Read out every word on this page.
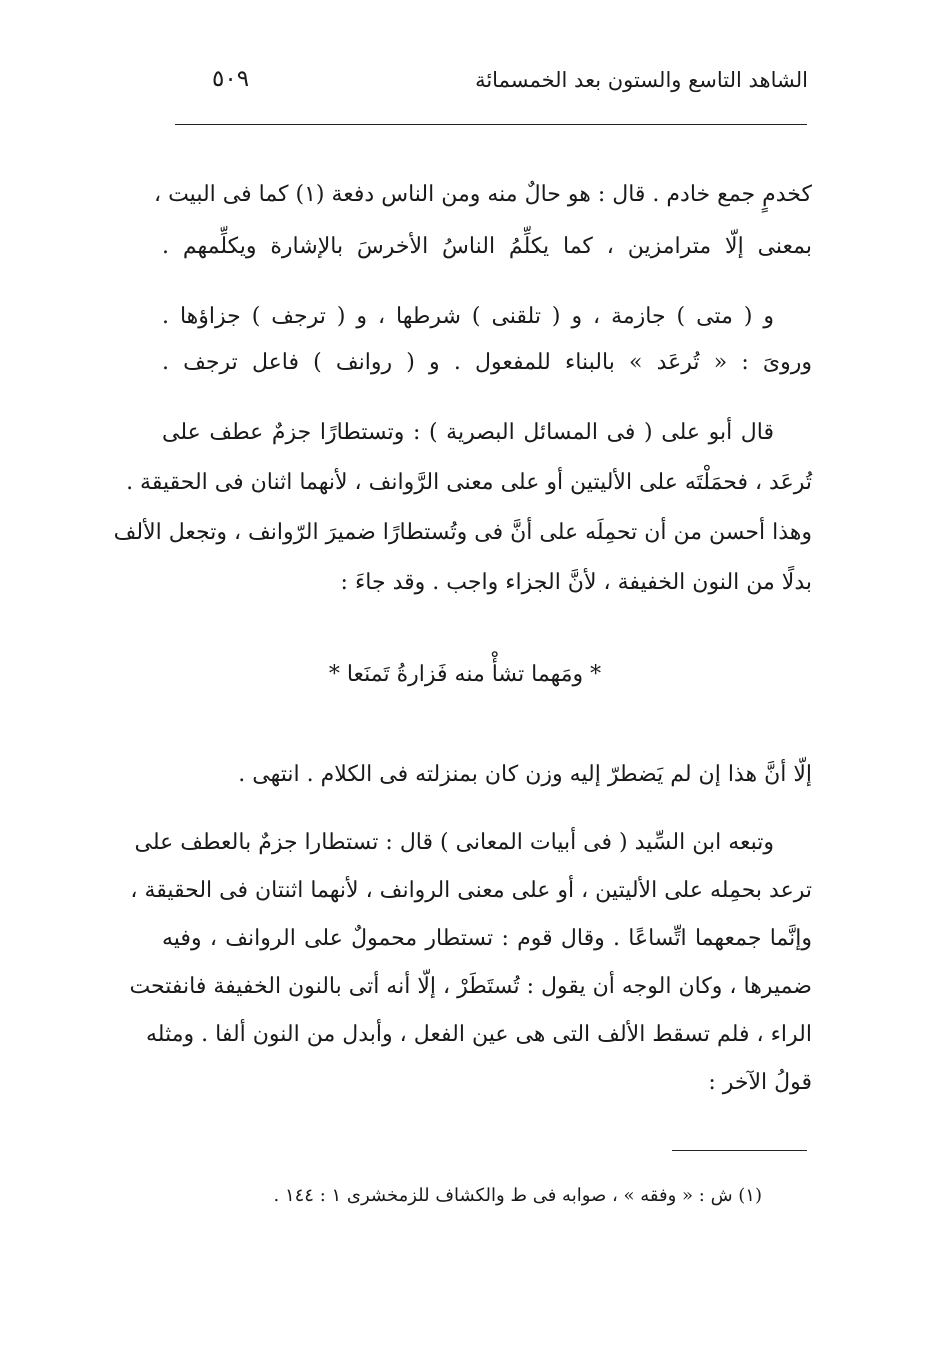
الشاهد التاسع والستون بعد الخمسمائة
٥٠٩
كخدمٍ جمع خادم . قال : هو حالٌ منه ومن الناس دفعة (١) كما فى البيت ،
بمعنى إلّا مترامزين ، كما يكلِّمُ الناسُ الأخرسَ بالإشارة ويكلِّمهم .
و ( متى ) جازمة ، و ( تلقنى ) شرطها ، و ( ترجف ) جزاؤها .
وروىَ : « تُرعَد » بالبناء للمفعول . و ( روانف ) فاعل ترجف .
قال أبو على ( فى المسائل البصرية ) : وتستطارًا جزمٌ عطف على
تُرعَد ، فحمَلْتَه على الأليتين أو على معنى الرَّوانف ، لأنهما اثنان فى الحقيقة .
وهذا أحسن من أن تحمِلَه على أنَّ فى وتُستطارًا ضميرَ الرّوانف ، وتجعل الألف
بدلًا من النون الخفيفة ، لأنَّ الجزاء واجب . وقد جاءَ :
* ومَهما تشأْ منه فَزارةُ تَمنَعا *
إلّا أنَّ هذا إن لم يَضطرّ إليه وزن كان بمنزلته فى الكلام . انتهى .
وتبعه ابن السِّيد ( فى أبيات المعانى ) قال : تستطارا جزمٌ بالعطف على
ترعد بحمِله على الأليتين ، أو على معنى الروانف ، لأنهما اثنتان فى الحقيقة ،
وإنَّما جمعهما اتِّساعًا . وقال قوم : تستطار محمولٌ على الروانف ، وفيه
ضميرها ، وكان الوجه أن يقول : تُستَطَرْ ، إلّا أنه أتى بالنون الخفيفة فانفتحت
الراء ، فلم تسقط الألف التى هى عين الفعل ، وأبدل من النون ألفا . ومثله
قولُ الآخر :
(١) ش : « وفقه » ، صوابه فى ط والكشاف للزمخشرى ١ : ١٤٤ .
